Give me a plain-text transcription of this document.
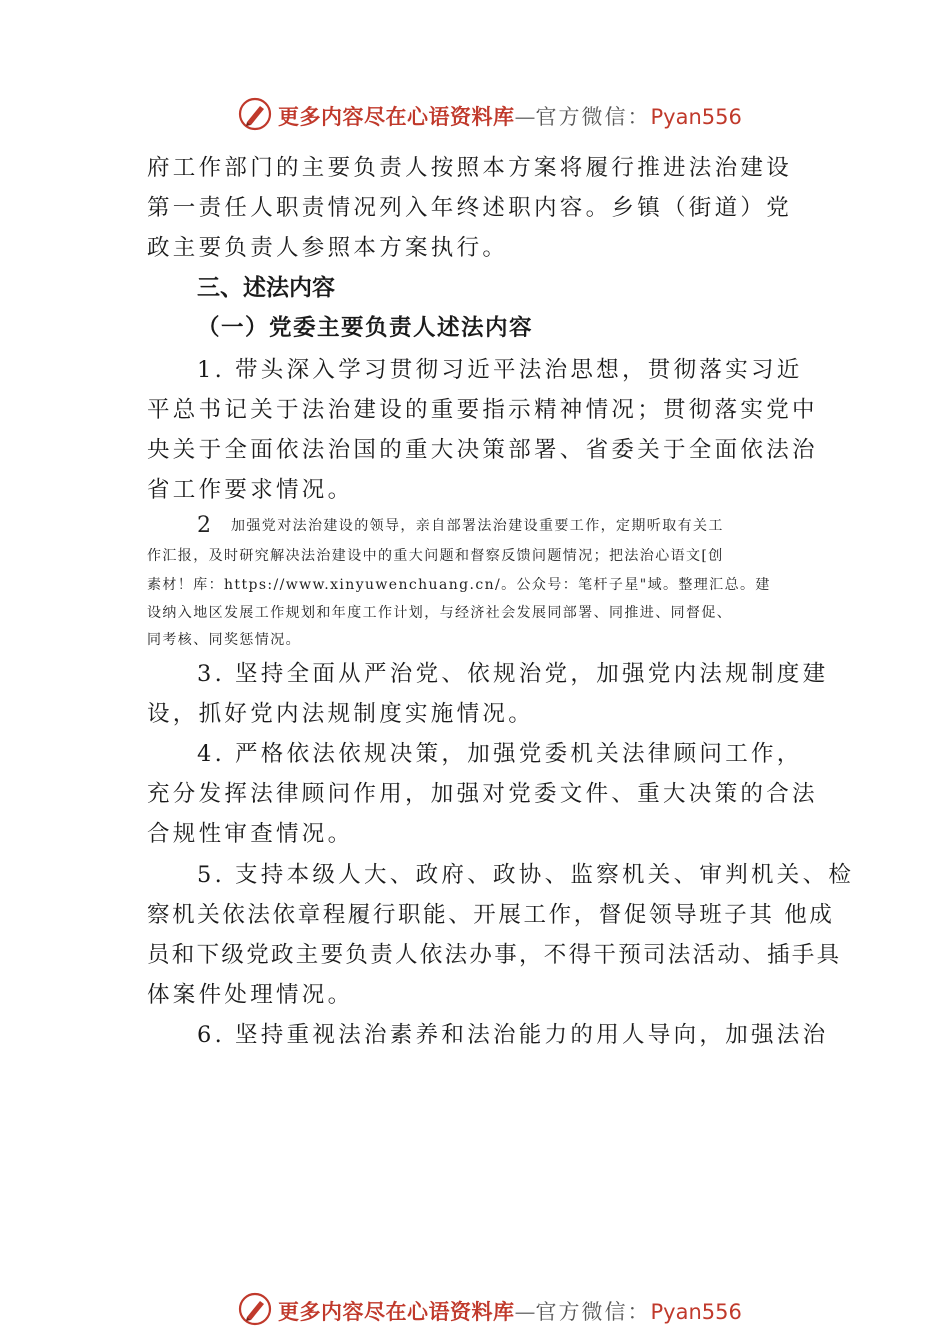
更多内容尽在心语资料库—官方微信：Pyan556
府工作部门的主要负责人按照本方案将履行推进法治建设
第一责任人职责情况列入年终述职内容。乡镇（街道）党
政主要负责人参照本方案执行。
三、述法内容
（一）党委主要负责人述法内容
1. 带头深入学习贯彻习近平法治思想，贯彻落实习近
平总书记关于法治建设的重要指示精神情况；贯彻落实党中
央关于全面依法治国的重大决策部署、省委关于全面依法治
省工作要求情况。
2 加强党对法治建设的领导，亲自部署法治建设重要工作，定期听取有关工
作汇报，及时研究解决法治建设中的重大问题和督察反馈问题情况；把法治心语文[创
素材！库：https://www.xinyuwenchuang.cn/。公众号：笔杆子星"域。整理汇总。建
设纳入地区发展工作规划和年度工作计划，与经济社会发展同部署、同推进、同督促、
同考核、同奖惩情况。
3. 坚持全面从严治党、依规治党，加强党内法规制度建
设，抓好党内法规制度实施情况。
4. 严格依法依规决策，加强党委机关法律顾问工作，
充分发挥法律顾问作用，加强对党委文件、重大决策的合法
合规性审查情况。
5. 支持本级人大、政府、政协、监察机关、审判机关、检
察机关依法依章程履行职能、开展工作，督促领导班子其 他成
员和下级党政主要负责人依法办事，不得干预司法活动、插手具
体案件处理情况。
6. 坚持重视法治素养和法治能力的用人导向，加强法治
更多内容尽在心语资料库—官方微信：Pyan556
